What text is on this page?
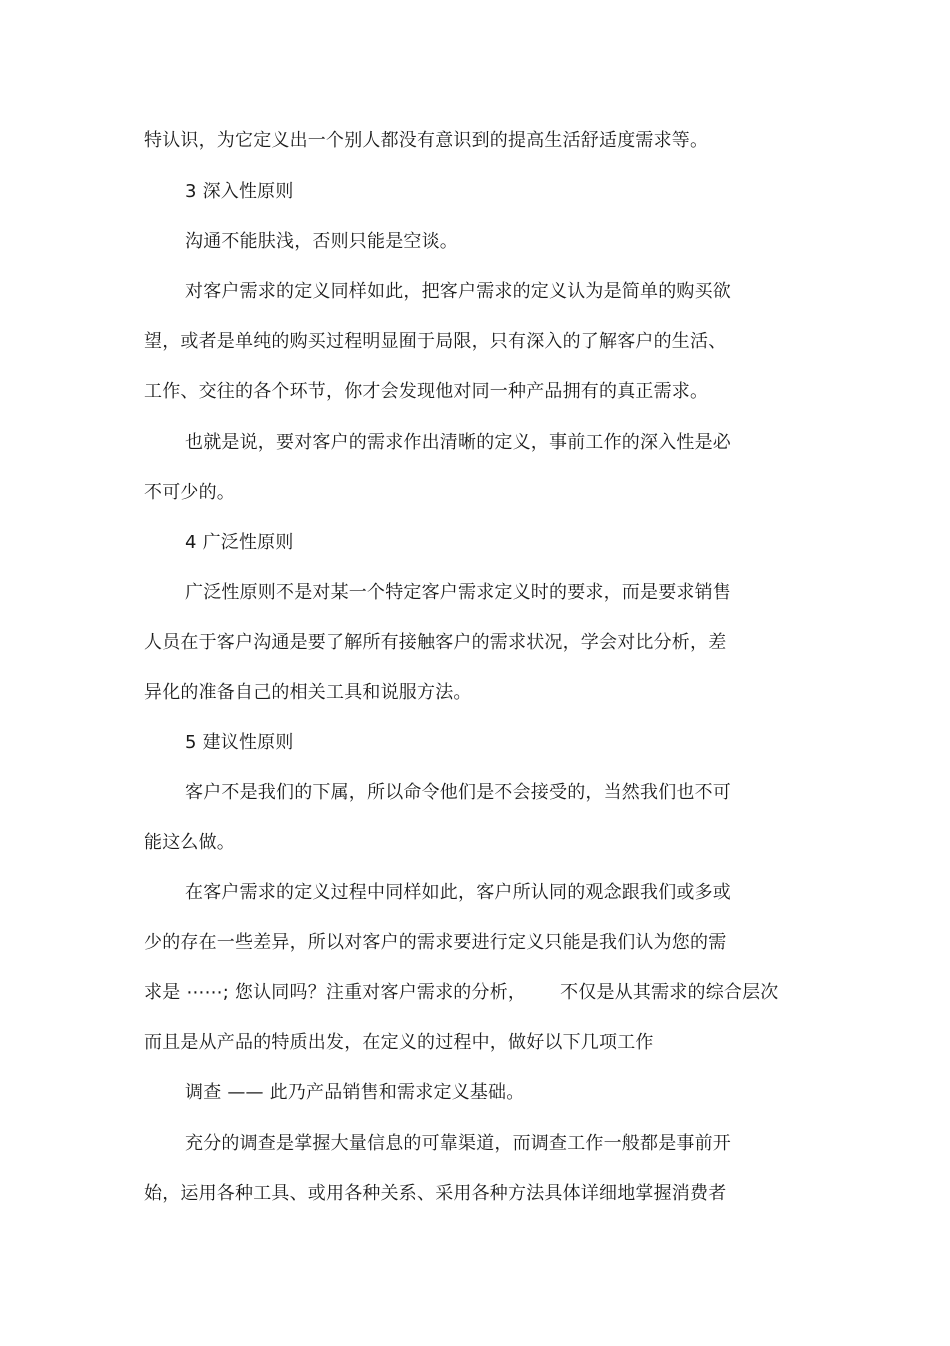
特认识，为它定义出一个别人都没有意识到的提高生活舒适度需求等。
3 深入性原则
沟通不能肤浅，否则只能是空谈。
对客户需求的定义同样如此，把客户需求的定义认为是简单的购买欲
望，或者是单纯的购买过程明显囿于局限，只有深入的了解客户的生活、
工作、交往的各个环节，你才会发现他对同一种产品拥有的真正需求。
也就是说，要对客户的需求作出清晰的定义，事前工作的深入性是必
不可少的。
4 广泛性原则
广泛性原则不是对某一个特定客户需求定义时的要求，而是要求销售
人员在于客户沟通是要了解所有接触客户的需求状况，学会对比分析，差
异化的准备自己的相关工具和说服方法。
5 建议性原则
客户不是我们的下属，所以命令他们是不会接受的，当然我们也不可
能这么做。
在客户需求的定义过程中同样如此，客户所认同的观念跟我们或多或
少的存在一些差异，所以对客户的需求要进行定义只能是我们认为您的需
求是 ⋯⋯; 您认同吗？注重对客户需求的分析， 不仅是从其需求的综合层次
而且是从产品的特质出发，在定义的过程中，做好以下几项工作
调查 —— 此乃产品销售和需求定义基础。
充分的调查是掌握大量信息的可靠渠道，而调查工作一般都是事前开
始，运用各种工具、或用各种关系、采用各种方法具体详细地掌握消费者
